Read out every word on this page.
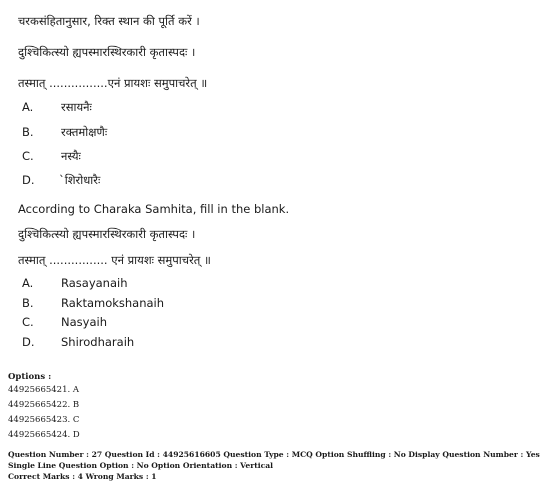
चरकसंहितानुसार, रिक्त स्थान की पूर्ति करें ।
दुश्चिकित्स्यो ह्यपस्मारस्थिरकारी कृतास्पदः ।
तस्मात् ................एनं प्रायशः समुपाचरेत् ॥
A. रसायनैः
B. रक्तमोक्षणैः
C. नस्यैः
D. `शिरोधारैः
According to Charaka Samhita, fill in the blank.
दुश्चिकित्स्यो ह्यपस्मारस्थिरकारी कृतास्पदः ।
तस्मात् ................ एनं प्रायशः समुपाचरेत् ॥
A. Rasayanaih
B. Raktamokshanaih
C. Nasyaih
D. Shirodharaih
Options :
44925665421. A
44925665422. B
44925665423. C
44925665424. D
Question Number : 27 Question Id : 44925616605 Question Type : MCQ Option Shuffling : No Display Question Number : Yes
Single Line Question Option : No Option Orientation : Vertical
Correct Marks : 4 Wrong Marks : 1
